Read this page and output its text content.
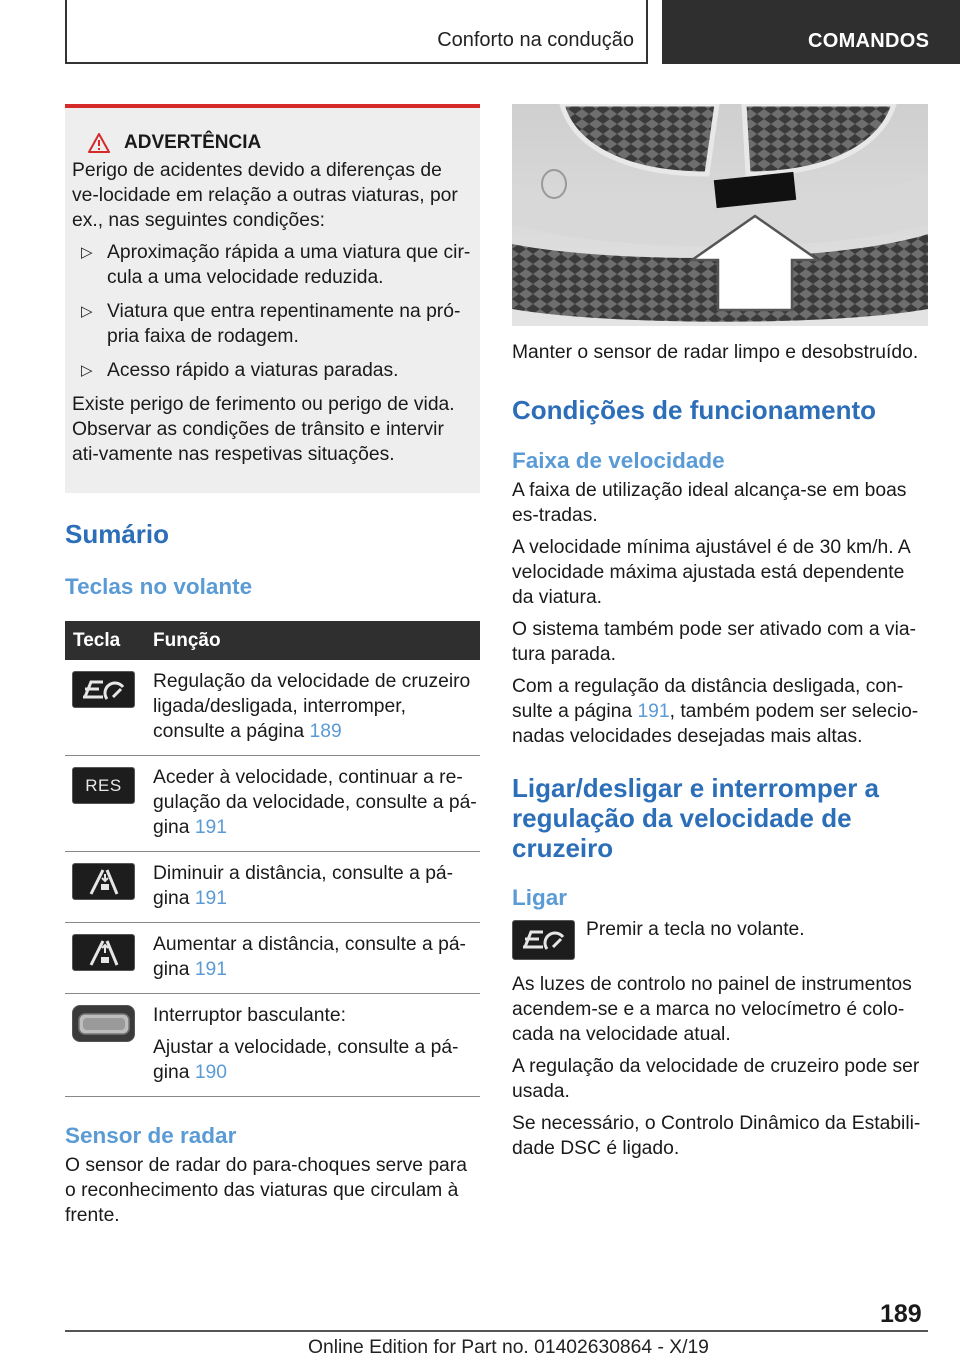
Conforto na condução	COMANDOS
ADVERTÊNCIA

Perigo de acidentes devido a diferenças de ve-locidade em relação a outras viaturas, por ex., nas seguintes condições:

▷ Aproximação rápida a uma viatura que cir-cula a uma velocidade reduzida.
▷ Viatura que entra repentinamente na pró-pria faixa de rodagem.
▷ Acesso rápido a viaturas paradas.

Existe perigo de ferimento ou perigo de vida. Observar as condições de trânsito e intervir ati-vamente nas respetivas situações.

Sumário
Teclas no volante
Tecla	Função

	Regulação da velocidade de cruzeiro ligada/desligada, interromper, consulte a página 189

RES	Aceder à velocidade, continuar a re-gulação da velocidade, consulte a pá-gina 191

	Diminuir a distância, consulte a pá-gina 191

	Aumentar a distância, consulte a pá-gina 191

Interruptor basculante:
Ajustar a velocidade, consulte a pá-gina 190
Sensor de radar

O sensor de radar do para-choques serve para o reconhecimento das viaturas que circulam à frente.

Manter o sensor de radar limpo e desobstruído.

Condições de funcionamento
Faixa de velocidade

A faixa de utilização ideal alcança-se em boas es-tradas.

A velocidade mínima ajustável é de 30 km/h. A velocidade máxima ajustada está dependente da viatura.

O sistema também pode ser ativado com a via-tura parada.

Com a regulação da distância desligada, con-sulte a página 191, também podem ser selecio-nadas velocidades desejadas mais altas.

Ligar/desligar e interromper a regulação da velocidade de cruzeiro
Ligar

Premir a tecla no volante.

As luzes de controlo no painel de instrumentos acendem-se e a marca no velocímetro é colo-cada na velocidade atual.

A regulação da velocidade de cruzeiro pode ser usada.

Se necessário, o Controlo Dinâmico da Estabili-dade DSC é ligado.

189
Online Edition for Part no. 01402630864 - X/19
